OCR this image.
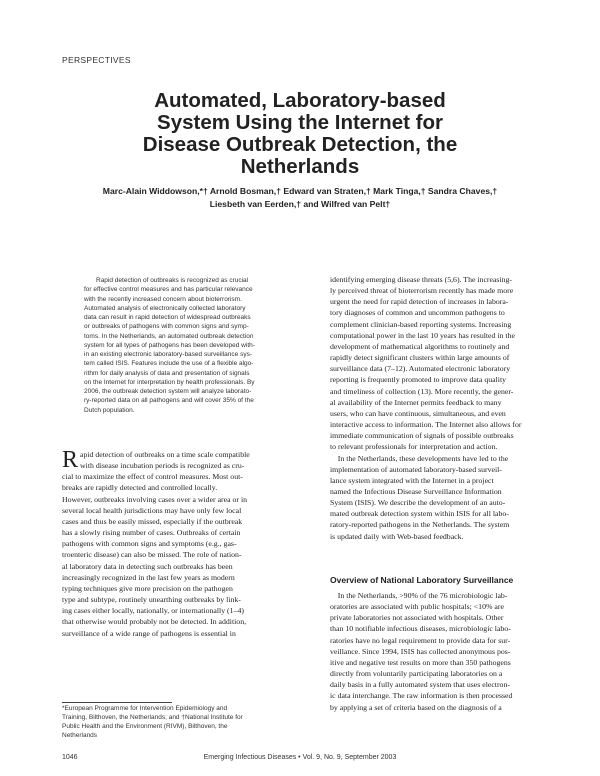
PERSPECTIVES
Automated, Laboratory-based
System Using the Internet for
Disease Outbreak Detection, the
Netherlands
Marc-Alain Widdowson,*† Arnold Bosman,† Edward van Straten,† Mark Tinga,† Sandra Chaves,†
Liesbeth van Eerden,† and Wilfred van Pelt†
Rapid detection of outbreaks is recognized as crucial
for effective control measures and has particular relevance
with the recently increased concern about bioterrorism.
Automated analysis of electronically collected laboratory
data can result in rapid detection of widespread outbreaks
or outbreaks of pathogens with common signs and symp-
toms. In the Netherlands, an automated outbreak detection
system for all types of pathogens has been developed with-
in an existing electronic laboratory-based surveillance sys-
tem called ISIS. Features include the use of a flexible algo-
rithm for daily analysis of data and presentation of signals
on the Internet for interpretation by health professionals. By
2006, the outbreak detection system will analyze laborato-
ry-reported data on all pathogens and will cover 35% of the
Dutch population.
R apid detection of outbreaks on a time scale compatible
with disease incubation periods is recognized as cru-
cial to maximize the effect of control measures. Most out-
breaks are rapidly detected and controlled locally.
However, outbreaks involving cases over a wider area or in
several local health jurisdictions may have only few local
cases and thus be easily missed, especially if the outbreak
has a slowly rising number of cases. Outbreaks of certain
pathogens with common signs and symptoms (e.g., gas-
troenteric disease) can also be missed. The role of nation-
al laboratory data in detecting such outbreaks has been
increasingly recognized in the last few years as modern
typing techniques give more precision on the pathogen
type and subtype, routinely unearthing outbreaks by link-
ing cases either locally, nationally, or internationally (1–4)
that otherwise would probably not be detected. In addition,
surveillance of a wide range of pathogens is essential in
*European Programme for Intervention Epidemiology and
Training, Bilthoven, the Netherlands; and †National Institute for
Public Health and the Environment (RIVM), Bilthoven, the
Netherlands
identifying emerging disease threats (5,6). The increasing-
ly perceived threat of bioterrorism recently has made more
urgent the need for rapid detection of increases in labora-
tory diagnoses of common and uncommon pathogens to
complement clinician-based reporting systems. Increasing
computational power in the last 10 years has resulted in the
development of mathematical algorithms to routinely and
rapidly detect significant clusters within large amounts of
surveillance data (7–12). Automated electronic laboratory
reporting is frequently promoted to improve data quality
and timeliness of collection (13). More recently, the gener-
al availability of the Internet permits feedback to many
users, who can have continuous, simultaneous, and even
interactive access to information. The Internet also allows for
immediate communication of signals of possible outbreaks
to relevant professionals for interpretation and action.
In the Netherlands, these developments have led to the
implementation of automated laboratory-based surveil-
lance system integrated with the Internet in a project
named the Infectious Disease Surveillance Information
System (ISIS). We describe the development of an auto-
mated outbreak detection system within ISIS for all labo-
ratory-reported pathogens in the Netherlands. The system
is updated daily with Web-based feedback.
Overview of National Laboratory Surveillance
In the Netherlands, >90% of the 76 microbiologic lab-
oratories are associated with public hospitals; <10% are
private laboratories not associated with hospitals. Other
than 10 notifiable infectious diseases, microbiologic labo-
ratories have no legal requirement to provide data for sur-
veillance. Since 1994, ISIS has collected anonymous pos-
itive and negative test results on more than 350 pathogens
directly from voluntarily participating laboratories on a
daily basis in a fully automated system that uses electron-
ic data interchange. The raw information is then processed
by applying a set of criteria based on the diagnosis of a
1046	Emerging Infectious Diseases • Vol. 9, No. 9, September 2003
